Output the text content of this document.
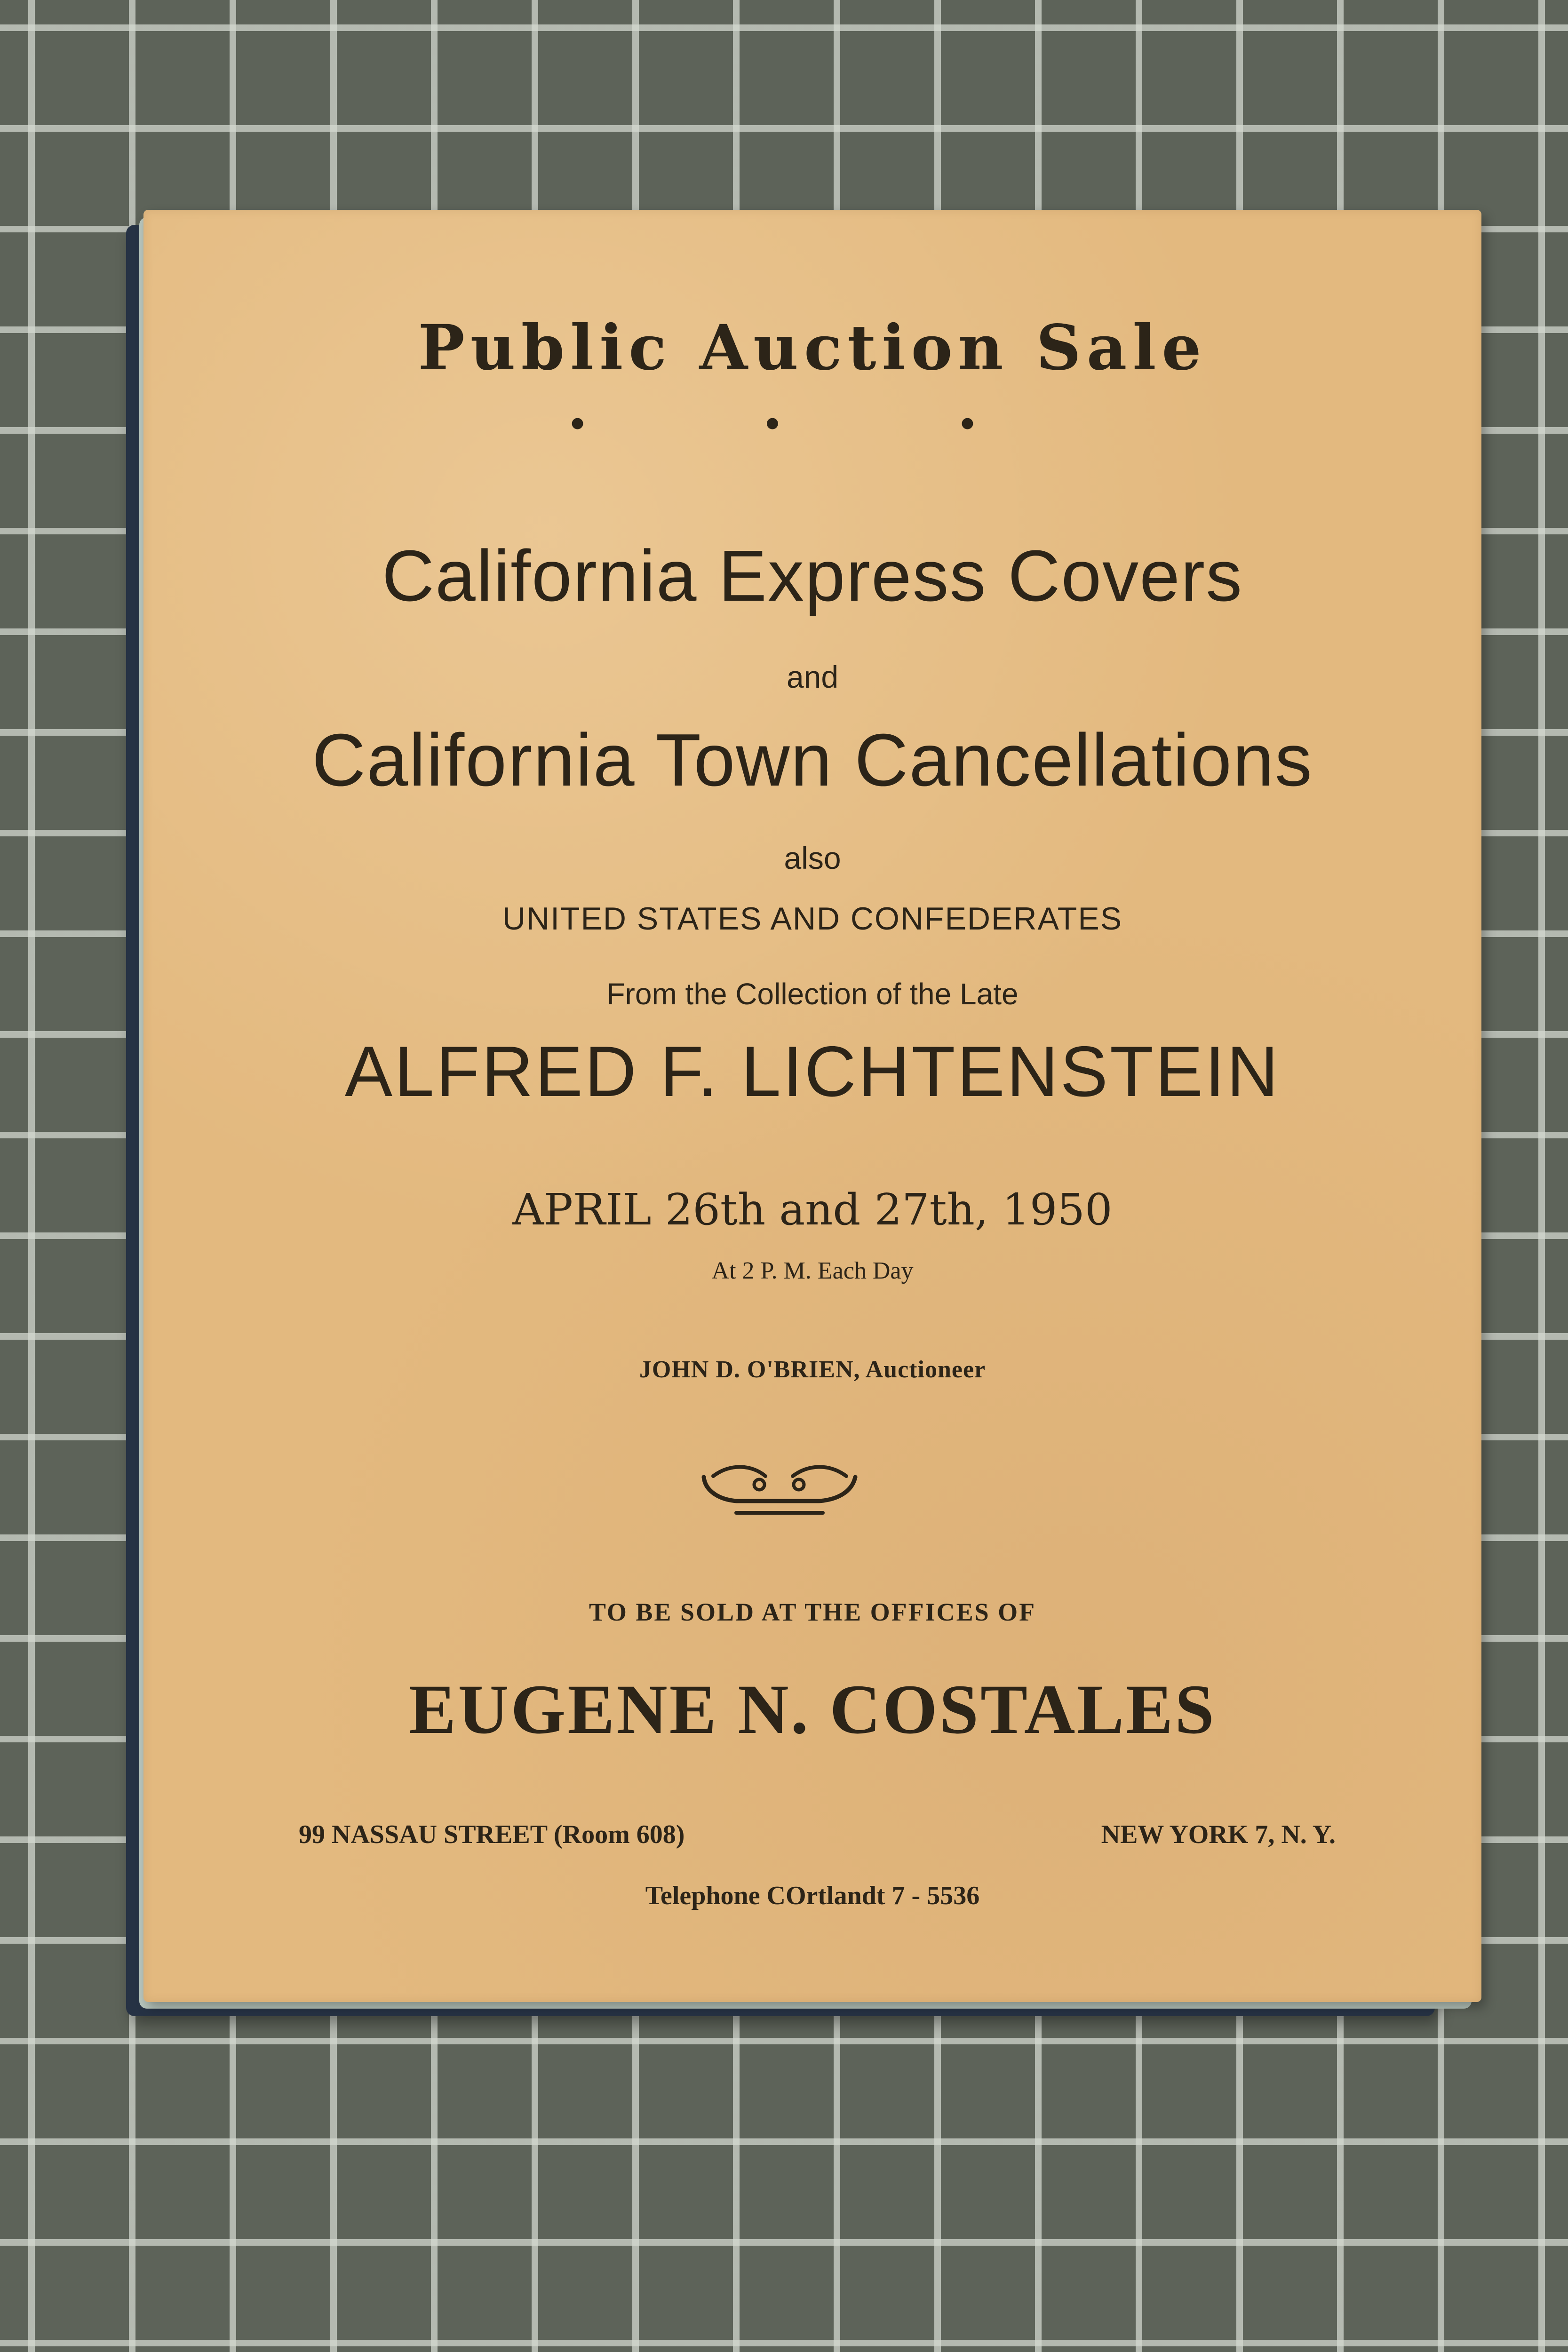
Public Auction Sale
• • •
California Express Covers
and
California Town Cancellations
also
UNITED STATES AND CONFEDERATES
From the Collection of the Late
ALFRED F. LICHTENSTEIN
APRIL 26th and 27th, 1950
At 2 P. M. Each Day
JOHN D. O'BRIEN, Auctioneer
TO BE SOLD AT THE OFFICES OF
EUGENE N. COSTALES
99 NASSAU STREET (Room 608)	NEW YORK 7, N. Y.
Telephone COrtlandt 7 - 5536
